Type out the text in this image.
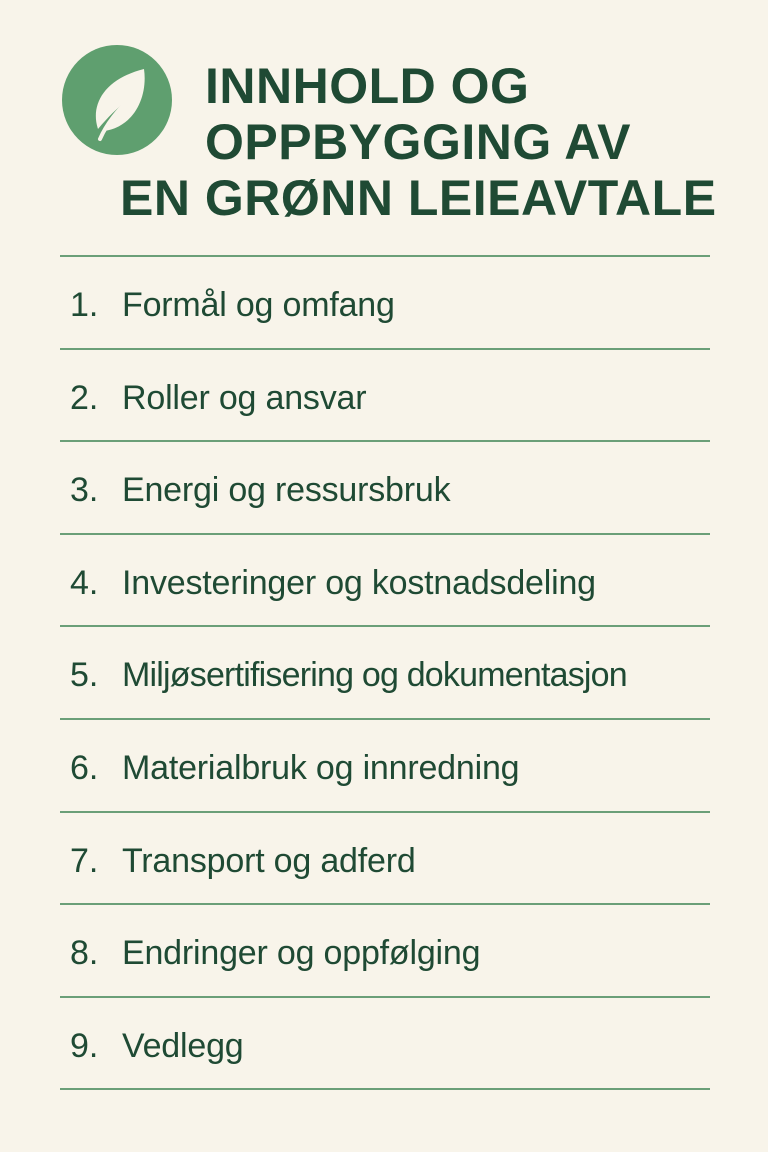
INNHOLD OG
OPPBYGGING AV
EN GRØNN LEIEAVTALE
1. Formål og omfang
2. Roller og ansvar
3. Energi og ressursbruk
4. Investeringer og kostnadsdeling
5. Miljøsertifisering og dokumentasjon
6. Materialbruk og innredning
7. Transport og adferd
8. Endringer og oppfølging
9. Vedlegg
